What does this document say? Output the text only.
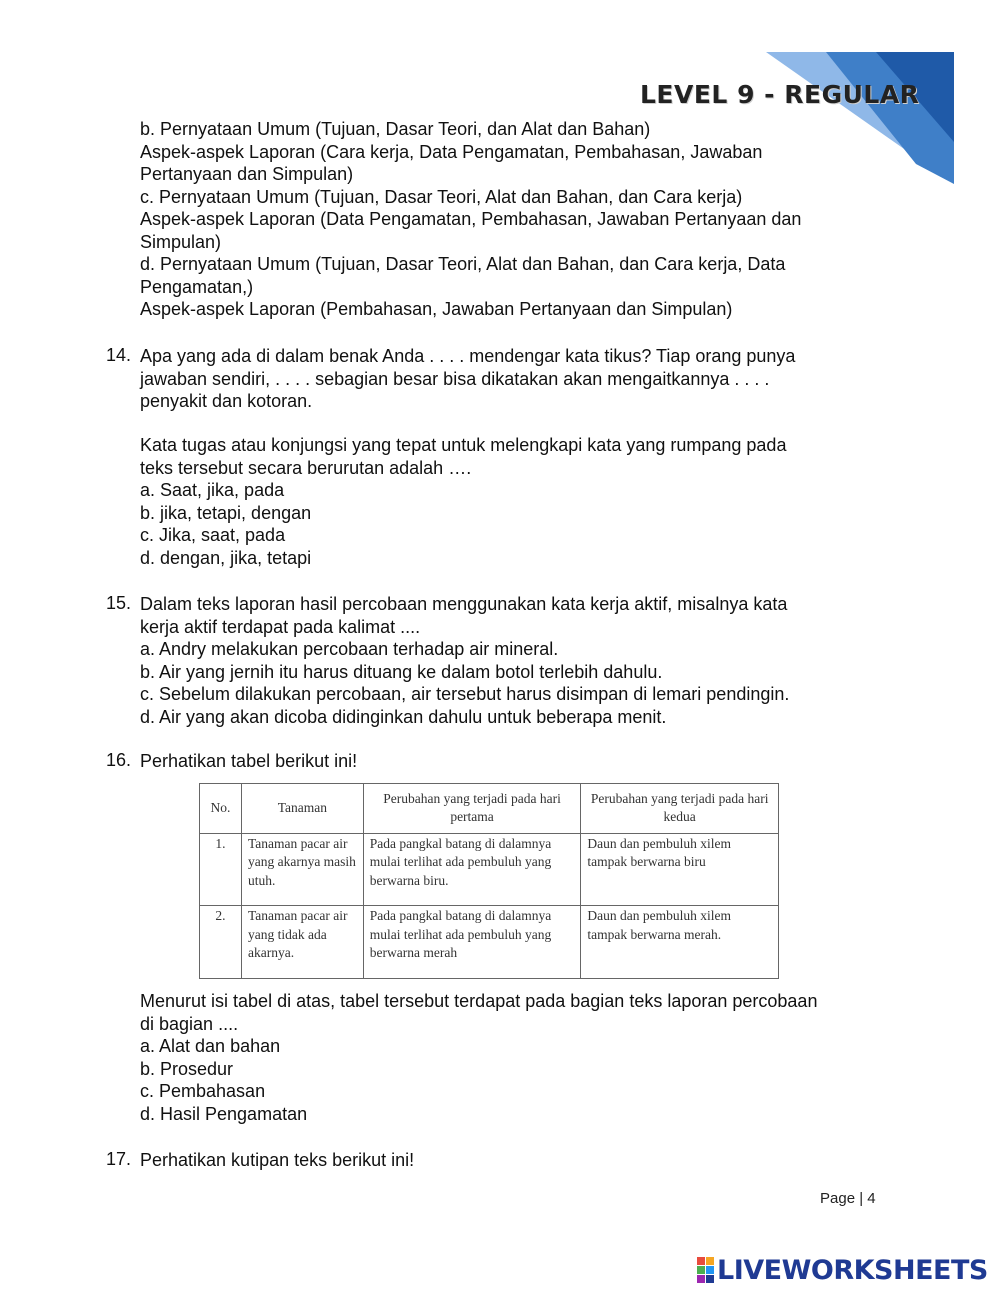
LEVEL 9 - REGULAR
b. Pernyataan Umum (Tujuan, Dasar Teori, dan Alat dan Bahan)
Aspek-aspek Laporan (Cara kerja, Data Pengamatan, Pembahasan, Jawaban
Pertanyaan dan Simpulan)
c. Pernyataan Umum (Tujuan, Dasar Teori, Alat dan Bahan, dan Cara kerja)
Aspek-aspek Laporan (Data Pengamatan, Pembahasan, Jawaban Pertanyaan dan
Simpulan)
d. Pernyataan Umum (Tujuan, Dasar Teori, Alat dan Bahan, dan Cara kerja, Data
Pengamatan,)
Aspek-aspek Laporan (Pembahasan, Jawaban Pertanyaan dan Simpulan)
14. Apa yang ada di dalam benak Anda . . . . mendengar kata tikus? Tiap orang punya
jawaban sendiri, . . . . sebagian besar bisa dikatakan akan mengaitkannya . . . .
penyakit dan kotoran.
Kata tugas atau konjungsi yang tepat untuk melengkapi kata yang rumpang pada
teks tersebut secara berurutan adalah ….
a. Saat, jika, pada
b. jika, tetapi, dengan
c. Jika, saat, pada
d. dengan, jika, tetapi
15. Dalam teks laporan hasil percobaan menggunakan kata kerja aktif, misalnya kata
kerja aktif terdapat pada kalimat ....
a. Andry melakukan percobaan terhadap air mineral.
b. Air yang jernih itu harus dituang ke dalam botol terlebih dahulu.
c. Sebelum dilakukan percobaan, air tersebut harus disimpan di lemari pendingin.
d. Air yang akan dicoba didinginkan dahulu untuk beberapa menit.
16. Perhatikan tabel berikut ini!
No.	Tanaman	Perubahan yang terjadi pada hari pertama	Perubahan yang terjadi pada hari kedua
1.	Tanaman pacar air yang akarnya masih utuh.	Pada pangkal batang di dalamnya mulai terlihat ada pembuluh yang berwarna biru.	Daun dan pembuluh xilem tampak berwarna biru
2.	Tanaman pacar air yang tidak ada akarnya.	Pada pangkal batang di dalamnya mulai terlihat ada pembuluh yang berwarna merah	Daun dan pembuluh xilem tampak berwarna merah.
Menurut isi tabel di atas, tabel tersebut terdapat pada bagian teks laporan percobaan
di bagian ....
a. Alat dan bahan
b. Prosedur
c. Pembahasan
d. Hasil Pengamatan
17. Perhatikan kutipan teks berikut ini!
Page | 4
LIVEWORKSHEETS
